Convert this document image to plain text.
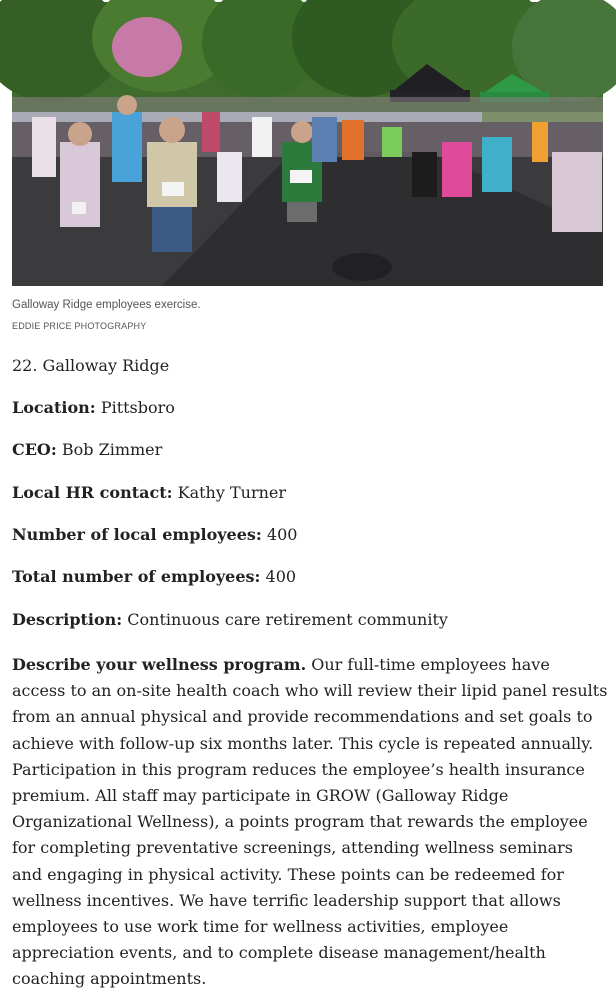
Galloway Ridge employees exercise.
EDDIE PRICE PHOTOGRAPHY
22. Galloway Ridge
Location: Pittsboro
CEO: Bob Zimmer
Local HR contact: Kathy Turner
Number of local employees: 400
Total number of employees: 400
Description: Continuous care retirement community
Describe your wellness program. Our full-time employees have access to an on-site health coach who will review their lipid panel results from an annual physical and provide recommendations and set goals to achieve with follow-up six months later. This cycle is repeated annually. Participation in this program reduces the employee’s health insurance premium. All staff may participate in GROW (Galloway Ridge Organizational Wellness), a points program that rewards the employee for completing preventative screenings, attending wellness seminars and engaging in physical activity. These points can be redeemed for wellness incentives. We have terrific leadership support that allows employees to use work time for wellness activities, employee appreciation events, and to complete disease management/health coaching appointments.
